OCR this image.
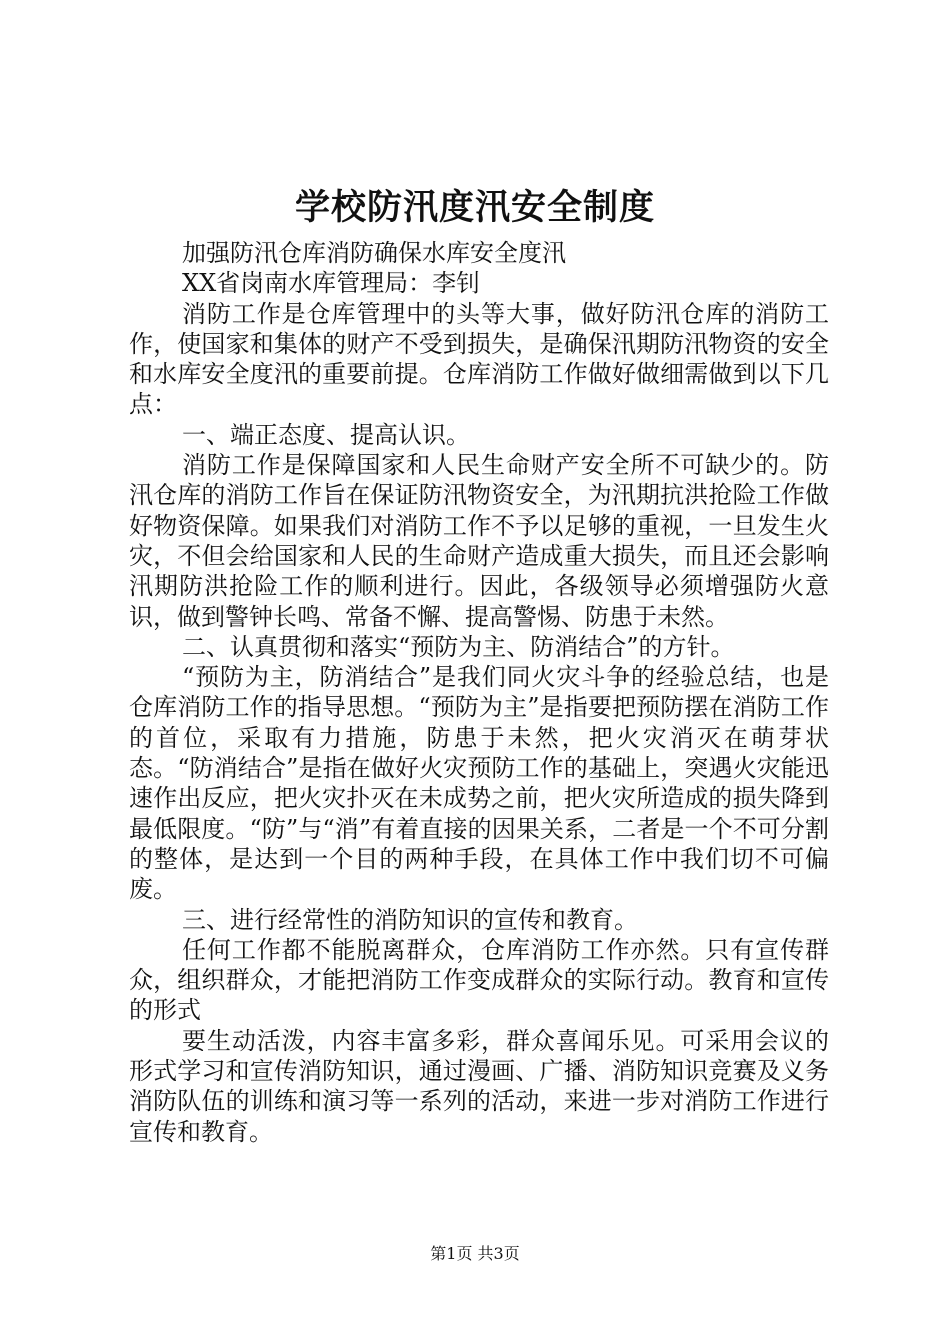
学校防汛度汛安全制度

加强防汛仓库消防确保水库安全度汛

XX省岗南水库管理局：李钊

消防工作是仓库管理中的头等大事，做好防汛仓库的消防工作，使国家和集体的财产不受到损失，是确保汛期防汛物资的安全和水库安全度汛的重要前提。仓库消防工作做好做细需做到以下几点：

一、端正态度、提高认识。

消防工作是保障国家和人民生命财产安全所不可缺少的。防汛仓库的消防工作旨在保证防汛物资安全，为汛期抗洪抢险工作做好物资保障。如果我们对消防工作不予以足够的重视，一旦发生火灾，不但会给国家和人民的生命财产造成重大损失，而且还会影响汛期防洪抢险工作的顺利进行。因此，各级领导必须增强防火意识，做到警钟长鸣、常备不懈、提高警惕、防患于未然。

二、认真贯彻和落实“预防为主、防消结合”的方针。

“预防为主，防消结合”是我们同火灾斗争的经验总结，也是仓库消防工作的指导思想。“预防为主”是指要把预防摆在消防工作的首位，采取有力措施，防患于未然，把火灾消灭在萌芽状态。“防消结合”是指在做好火灾预防工作的基础上，突遇火灾能迅速作出反应，把火灾扑灭在未成势之前，把火灾所造成的损失降到最低限度。“防”与“消”有着直接的因果关系，二者是一个不可分割的整体，是达到一个目的两种手段，在具体工作中我们切不可偏废。

三、进行经常性的消防知识的宣传和教育。

任何工作都不能脱离群众，仓库消防工作亦然。只有宣传群众，组织群众，才能把消防工作变成群众的实际行动。教育和宣传的形式

要生动活泼，内容丰富多彩，群众喜闻乐见。可采用会议的形式学习和宣传消防知识，通过漫画、广播、消防知识竞赛及义务消防队伍的训练和演习等一系列的活动，来进一步对消防工作进行宣传和教育。

第1页 共3页
